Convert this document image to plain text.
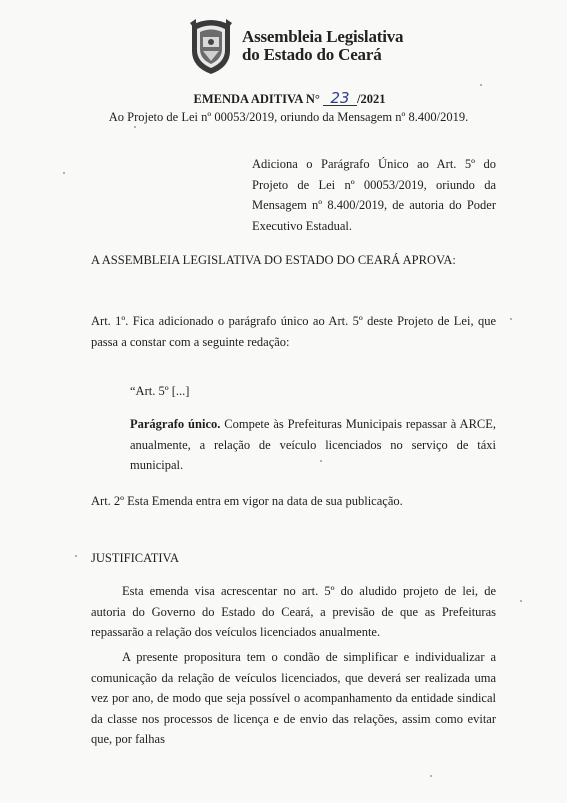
Assembleia Legislativa
do Estado do Ceará
EMENDA ADITIVA N° 23 /2021
Ao Projeto de Lei nº 00053/2019, oriundo da Mensagem nº 8.400/2019.
Adiciona o Parágrafo Único ao Art. 5º do Projeto de Lei nº 00053/2019, oriundo da Mensagem nº 8.400/2019, de autoria do Poder Executivo Estadual.
A ASSEMBLEIA LEGISLATIVA DO ESTADO DO CEARÁ APROVA:
Art. 1º. Fica adicionado o parágrafo único ao Art. 5º deste Projeto de Lei, que passa a constar com a seguinte redação:
“Art. 5º [...]
Parágrafo único. Compete às Prefeituras Municipais repassar à ARCE, anualmente, a relação de veículo licenciados no serviço de táxi municipal.
Art. 2º Esta Emenda entra em vigor na data de sua publicação.
JUSTIFICATIVA
Esta emenda visa acrescentar no art. 5º do aludido projeto de lei, de autoria do Governo do Estado do Ceará, a previsão de que as Prefeituras repassarão a relação dos veículos licenciados anualmente.
A presente propositura tem o condão de simplificar e individualizar a comunicação da relação de veículos licenciados, que deverá ser realizada uma vez por ano, de modo que seja possível o acompanhamento da entidade sindical da classe nos processos de licença e de envio das relações, assim como evitar que, por falhas
